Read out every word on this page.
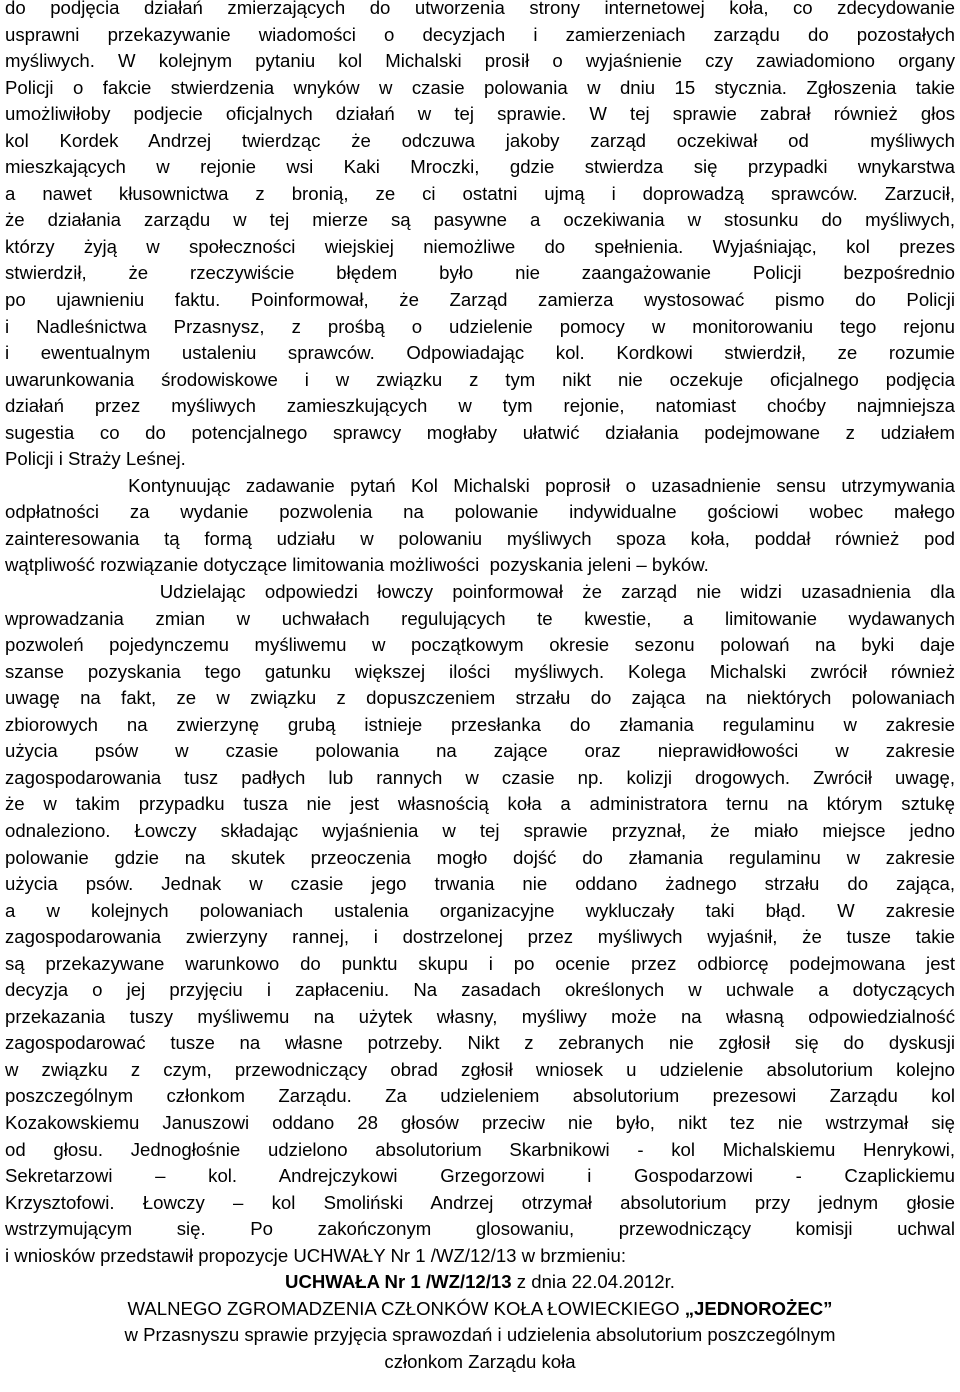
do podjęcia działań zmierzających do utworzenia strony internetowej koła, co zdecydowanie
usprawni przekazywanie wiadomości o decyzjach i zamierzeniach zarządu do pozostałych
myśliwych. W kolejnym pytaniu kol Michalski prosił o wyjaśnienie czy zawiadomiono organy
Policji o fakcie stwierdzenia wnyków w czasie polowania w dniu 15 stycznia. Zgłoszenia takie
umożliwiłoby podjecie oficjalnych działań w tej sprawie. W tej sprawie zabrał również głos
kol Kordek Andrzej twierdząc że odczuwa jakoby zarząd oczekiwał od  myśliwych
mieszkających w rejonie wsi Kaki Mroczki, gdzie stwierdza się przypadki wnykarstwa
a nawet kłusownictwa z bronią, ze ci ostatni ujmą i doprowadzą sprawców. Zarzucił,
że działania zarządu w tej mierze są pasywne a oczekiwania w stosunku do myśliwych,
którzy żyją w społeczności wiejskiej niemożliwe do spełnienia. Wyjaśniając, kol prezes
stwierdził, że rzeczywiście błędem było nie zaangażowanie Policji bezpośrednio
po ujawnieniu faktu. Poinformował, że Zarząd zamierza wystosować pismo do Policji
i Nadleśnictwa Przasnysz, z prośbą o udzielenie pomocy w monitorowaniu tego rejonu
i ewentualnym ustaleniu sprawców. Odpowiadając kol. Kordkowi stwierdził, ze rozumie
uwarunkowania środowiskowe i w związku z tym nikt nie oczekuje oficjalnego podjęcia
działań przez myśliwych zamieszkujących w tym rejonie, natomiast choćby najmniejsza
sugestia co do potencjalnego sprawcy mogłaby ułatwić działania podejmowane z udziałem
Policji i Straży Leśnej.
Kontynuując zadawanie pytań Kol Michalski poprosił o uzasadnienie sensu utrzymywania
odpłatności za wydanie pozwolenia na polowanie indywidualne gościowi wobec małego
zainteresowania tą formą udziału w polowaniu myśliwych spoza koła, poddał również pod
wątpliwość rozwiązanie dotyczące limitowania możliwości  pozyskania jeleni – byków.
Udzielając odpowiedzi łowczy poinformował że zarząd nie widzi uzasadnienia dla
wprowadzania zmian w uchwałach regulujących te kwestie, a limitowanie wydawanych
pozwoleń pojedynczemu myśliwemu w początkowym okresie sezonu polowań na byki daje
szanse pozyskania tego gatunku większej ilości myśliwych. Kolega Michalski zwrócił również
uwagę na fakt, ze w związku z dopuszczeniem strzału do zająca na niektórych polowaniach
zbiorowych na zwierzynę grubą istnieje przesłanka do złamania regulaminu w zakresie
użycia psów w czasie polowania na zające oraz nieprawidłowości w zakresie
zagospodarowania tusz padłych lub rannych w czasie np. kolizji drogowych. Zwrócił uwagę,
że w takim przypadku tusza nie jest własnością koła a administratora ternu na którym sztukę
odnaleziono. Łowczy składając wyjaśnienia w tej sprawie przyznał, że miało miejsce jedno
polowanie gdzie na skutek przeoczenia mogło dojść do złamania regulaminu w zakresie
użycia psów. Jednak w czasie jego trwania nie oddano żadnego strzału do zająca,
a w kolejnych polowaniach ustalenia organizacyjne wykluczały taki błąd. W zakresie
zagospodarowania zwierzyny rannej, i dostrzelonej przez myśliwych wyjaśnił, że tusze takie
są przekazywane warunkowo do punktu skupu i po ocenie przez odbiorcę podejmowana jest
decyzja o jej przyjęciu i zapłaceniu. Na zasadach określonych w uchwale a dotyczących
przekazania tuszy myśliwemu na użytek własny, myśliwy może na własną odpowiedzialność
zagospodarować tusze na własne potrzeby. Nikt z zebranych nie zgłosił się do dyskusji
w związku z czym, przewodniczący obrad zgłosił wniosek u udzielenie absolutorium kolejno
poszczególnym członkom Zarządu. Za udzieleniem absolutorium prezesowi Zarządu kol
Kozakowskiemu Januszowi oddano 28 głosów przeciw nie było, nikt tez nie wstrzymał się
od głosu. Jednogłośnie udzielono absolutorium Skarbnikowi - kol Michalskiemu Henrykowi,
Sekretarzowi – kol. Andrejczykowi Grzegorzowi i Gospodarzowi - Czaplickiemu
Krzysztofowi. Łowczy – kol Smoliński Andrzej otrzymał absolutorium przy jednym głosie
wstrzymującym się. Po zakończonym glosowaniu, przewodniczący komisji uchwal
i wniosków przedstawił propozycje UCHWAŁY Nr 1 /WZ/12/13 w brzmieniu:
UCHWAŁA Nr 1 /WZ/12/13 z dnia 22.04.2012r.
WALNEGO ZGROMADZENIA CZŁONKÓW KOŁA ŁOWIECKIEGO „JEDNOROŻEC”
w Przasnyszu sprawie przyjęcia sprawozdań i udzielenia absolutorium poszczególnym
członkom Zarządu koła
